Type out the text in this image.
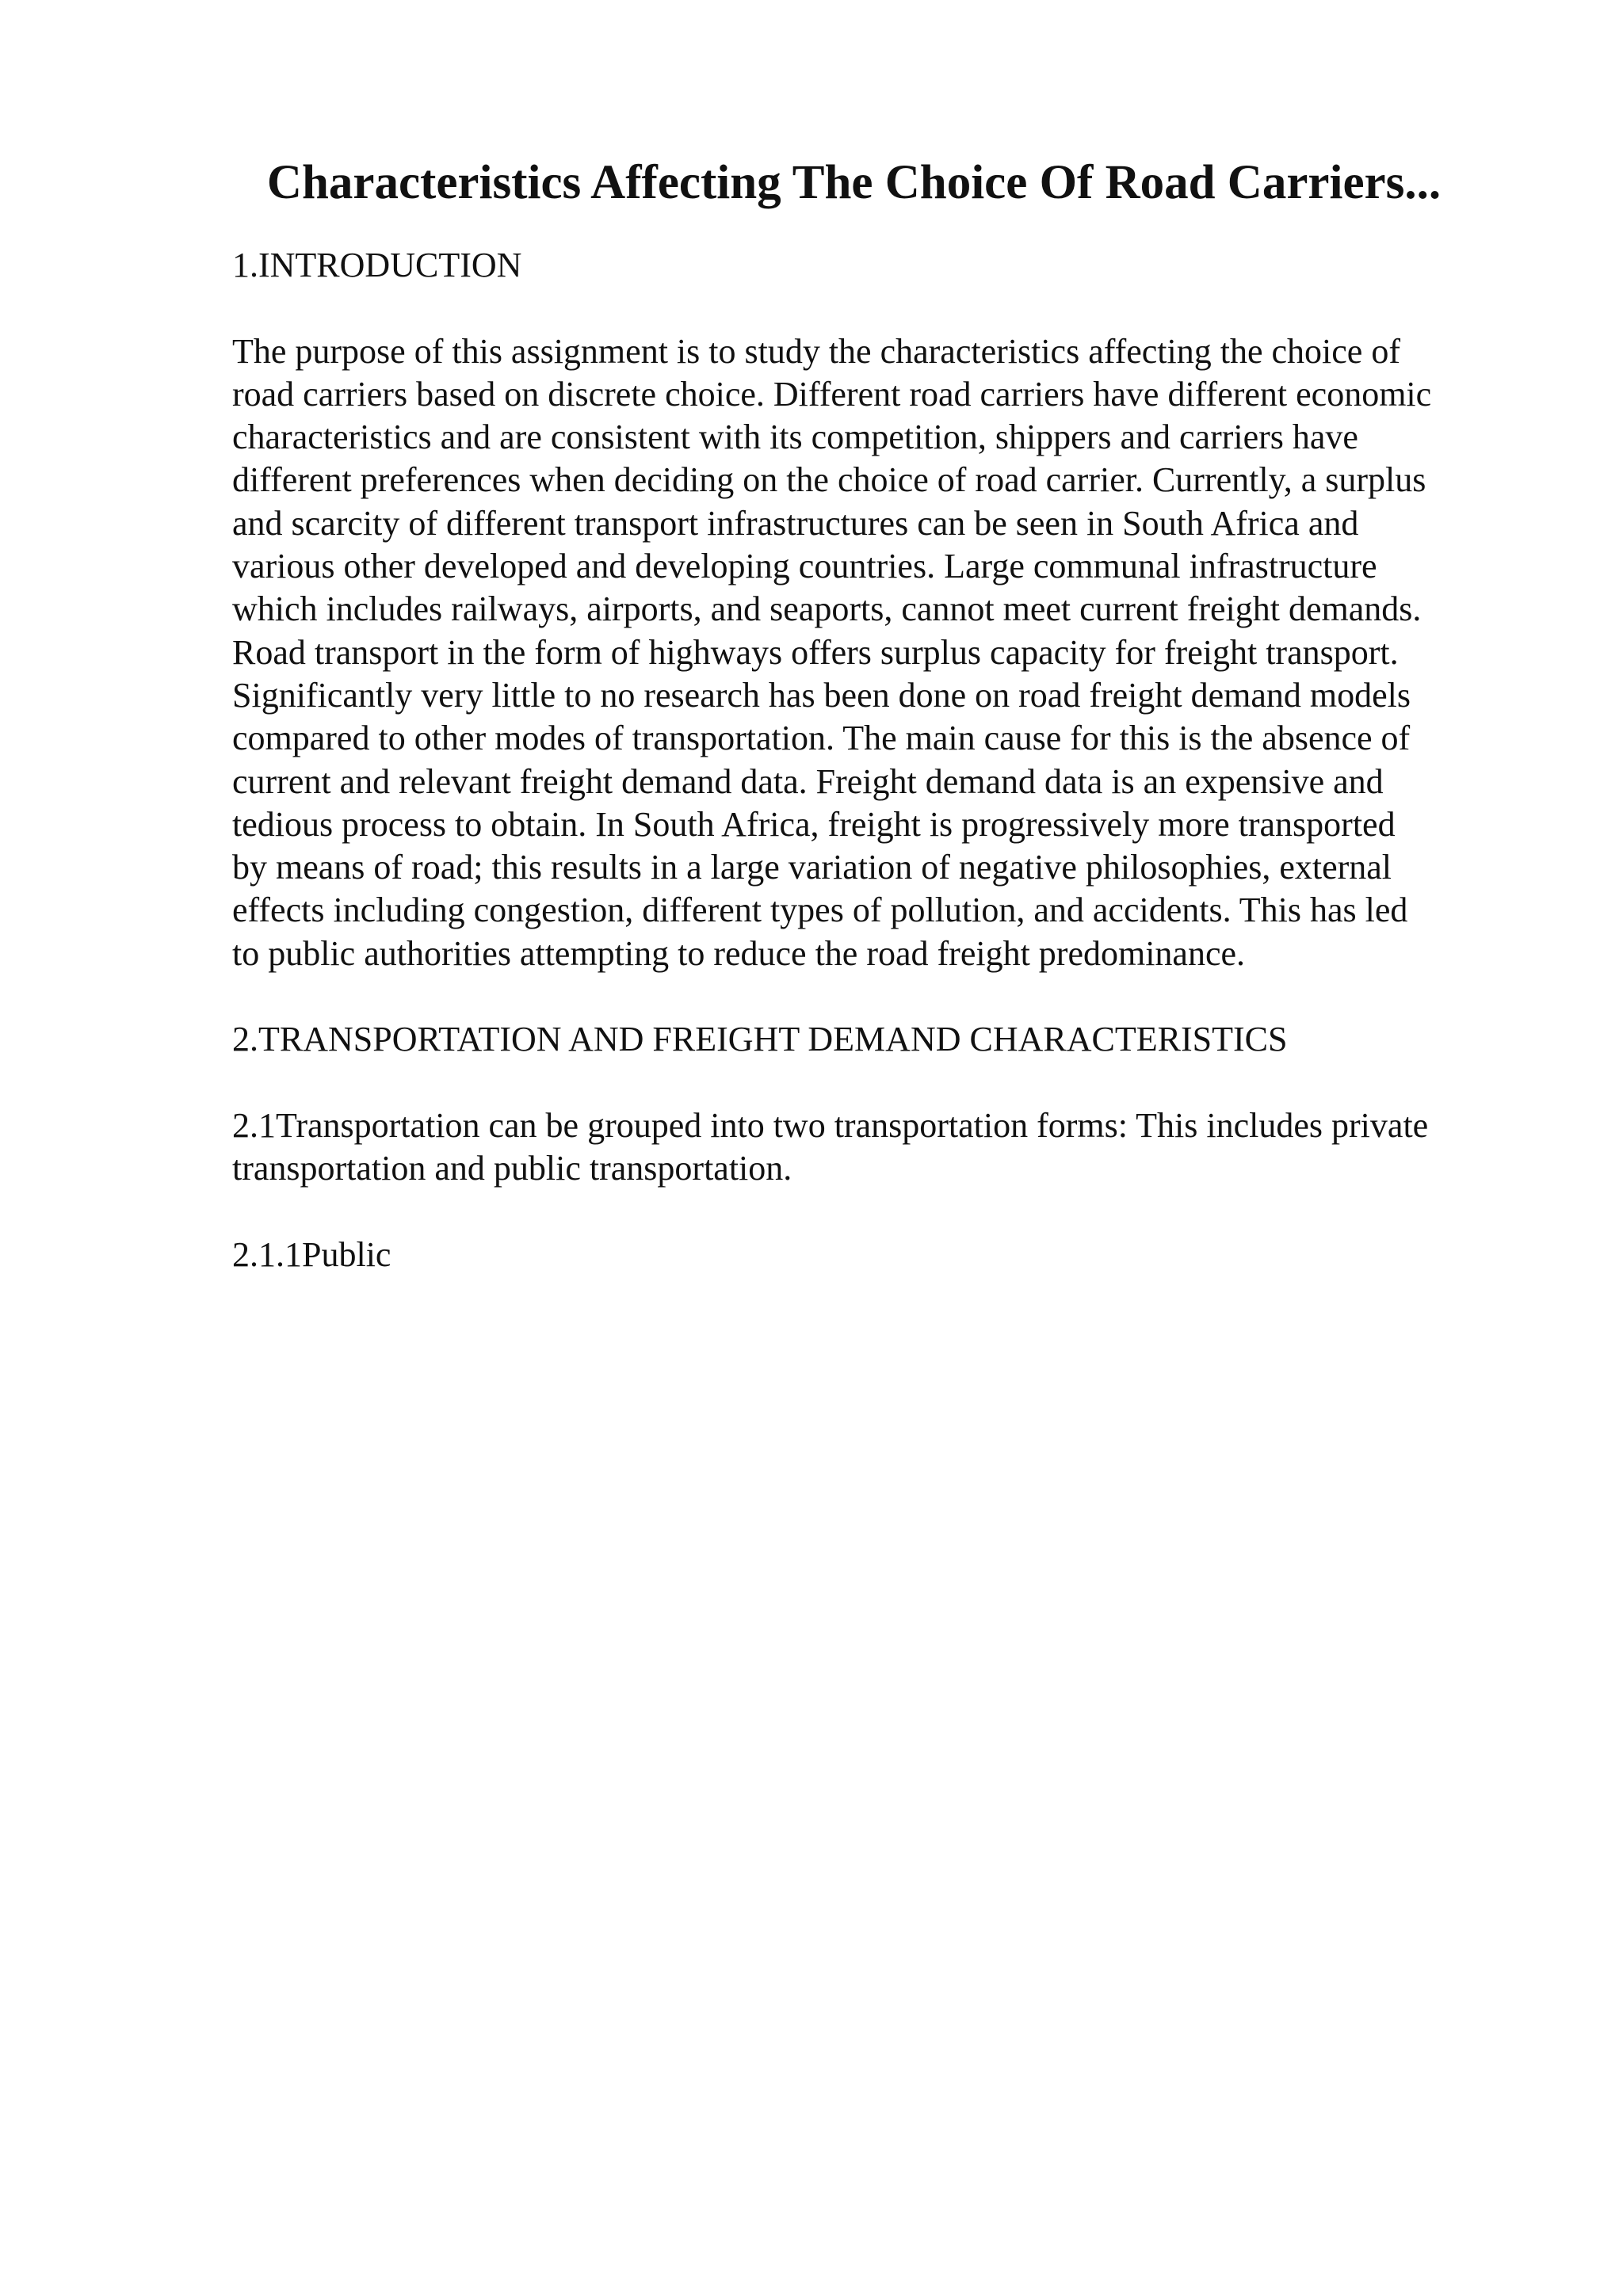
Characteristics Affecting The Choice Of Road Carriers...

1.INTRODUCTION

The purpose of this assignment is to study the characteristics affecting the choice of
road carriers based on discrete choice. Different road carriers have different economic
characteristics and are consistent with its competition, shippers and carriers have
different preferences when deciding on the choice of road carrier. Currently, a surplus
and scarcity of different transport infrastructures can be seen in South Africa and
various other developed and developing countries. Large communal infrastructure
which includes railways, airports, and seaports, cannot meet current freight demands.
Road transport in the form of highways offers surplus capacity for freight transport.
Significantly very little to no research has been done on road freight demand models
compared to other modes of transportation. The main cause for this is the absence of
current and relevant freight demand data. Freight demand data is an expensive and
tedious process to obtain. In South Africa, freight is progressively more transported
by means of road; this results in a large variation of negative philosophies, external
effects including congestion, different types of pollution, and accidents. This has led
to public authorities attempting to reduce the road freight predominance.

2.TRANSPORTATION AND FREIGHT DEMAND CHARACTERISTICS

2.1Transportation can be grouped into two transportation forms: This includes private
transportation and public transportation.

2.1.1Public
